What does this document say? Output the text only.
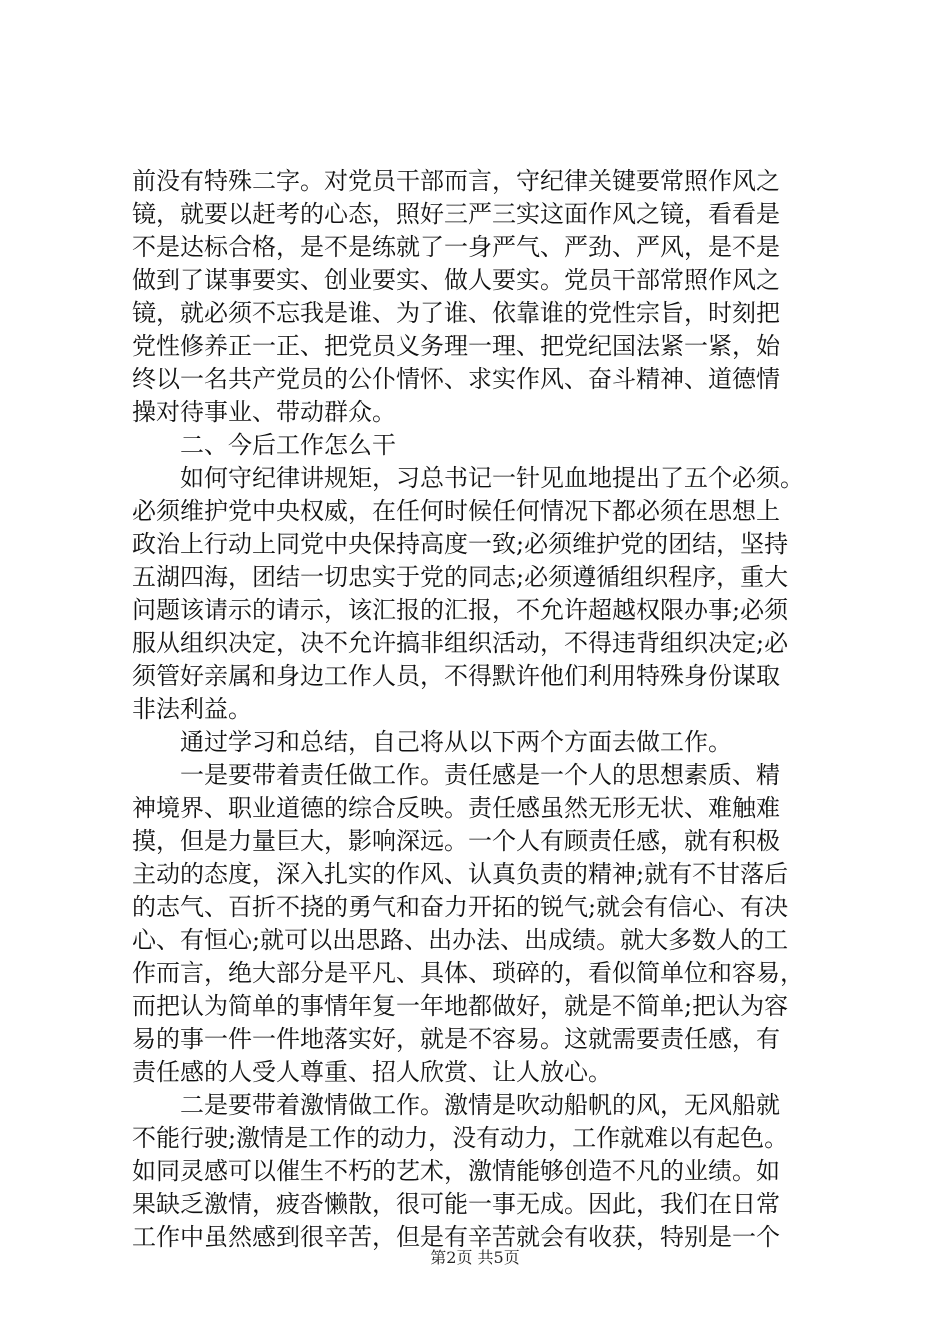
前没有特殊二字。对党员干部而言，守纪律关键要常照作风之
镜，就要以赶考的心态，照好三严三实这面作风之镜，看看是
不是达标合格，是不是练就了一身严气、严劲、严风，是不是
做到了谋事要实、创业要实、做人要实。党员干部常照作风之
镜，就必须不忘我是谁、为了谁、依靠谁的党性宗旨，时刻把
党性修养正一正、把党员义务理一理、把党纪国法紧一紧，始
终以一名共产党员的公仆情怀、求实作风、奋斗精神、道德情
操对待事业、带动群众。
二、今后工作怎么干
如何守纪律讲规矩，习总书记一针见血地提出了五个必须。
必须维护党中央权威，在任何时候任何情况下都必须在思想上
政治上行动上同党中央保持高度一致;必须维护党的团结，坚持
五湖四海，团结一切忠实于党的同志;必须遵循组织程序，重大
问题该请示的请示，该汇报的汇报，不允许超越权限办事;必须
服从组织决定，决不允许搞非组织活动，不得违背组织决定;必
须管好亲属和身边工作人员，不得默许他们利用特殊身份谋取
非法利益。
通过学习和总结，自己将从以下两个方面去做工作。
一是要带着责任做工作。责任感是一个人的思想素质、精
神境界、职业道德的综合反映。责任感虽然无形无状、难触难
摸，但是力量巨大，影响深远。一个人有顾责任感，就有积极
主动的态度，深入扎实的作风、认真负责的精神;就有不甘落后
的志气、百折不挠的勇气和奋力开拓的锐气;就会有信心、有决
心、有恒心;就可以出思路、出办法、出成绩。就大多数人的工
作而言，绝大部分是平凡、具体、琐碎的，看似简单位和容易，
而把认为简单的事情年复一年地都做好，就是不简单;把认为容
易的事一件一件地落实好，就是不容易。这就需要责任感，有
责任感的人受人尊重、招人欣赏、让人放心。
二是要带着激情做工作。激情是吹动船帆的风，无风船就
不能行驶;激情是工作的动力，没有动力，工作就难以有起色。
如同灵感可以催生不朽的艺术，激情能够创造不凡的业绩。如
果缺乏激情，疲沓懒散，很可能一事无成。因此，我们在日常
工作中虽然感到很辛苦，但是有辛苦就会有收获，特别是一个
第2页 共5页
